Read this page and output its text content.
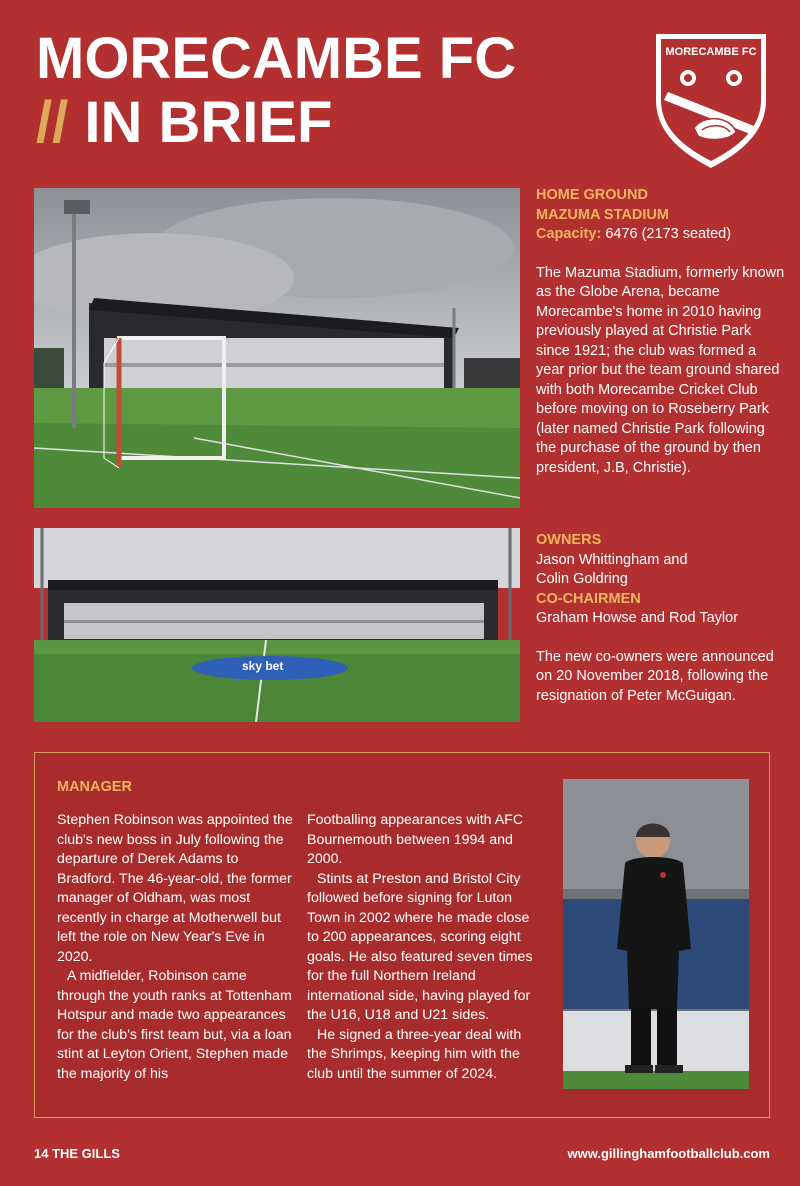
MORECAMBE FC
// IN BRIEF
MORECAMBE FC
sky bet
HOME GROUND
MAZUMA STADIUM
Capacity: 6476 (2173 seated)
The Mazuma Stadium, formerly known as the Globe Arena, became Morecambe's home in 2010 having previously played at Christie Park since 1921; the club was formed a year prior but the team ground shared with both Morecambe Cricket Club before moving on to Roseberry Park (later named Christie Park following the purchase of the ground by then president, J.B, Christie).
OWNERS
Jason Whittingham and
Colin Goldring
CO-CHAIRMEN
Graham Howse and Rod Taylor
The new co-owners were announced on 20 November 2018, following the resignation of Peter McGuigan.
MANAGER

Stephen Robinson was appointed the club's new boss in July following the departure of Derek Adams to Bradford. The 46-year-old, the former manager of Oldham, was most recently in charge at Motherwell but left the role on New Year's Eve in 2020.

A midfielder, Robinson came through the youth ranks at Tottenham Hotspur and made two appearances for the club's first team but, via a loan stint at Leyton Orient, Stephen made the majority of his

Footballing appearances with AFC Bournemouth between 1994 and 2000.

Stints at Preston and Bristol City followed before signing for Luton Town in 2002 where he made close to 200 appearances, scoring eight goals. He also featured seven times for the full Northern Ireland international side, having played for the U16, U18 and U21 sides.

He signed a three-year deal with the Shrimps, keeping him with the club until the summer of 2024.

14 THE GILLS	www.gillinghamfootballclub.com
